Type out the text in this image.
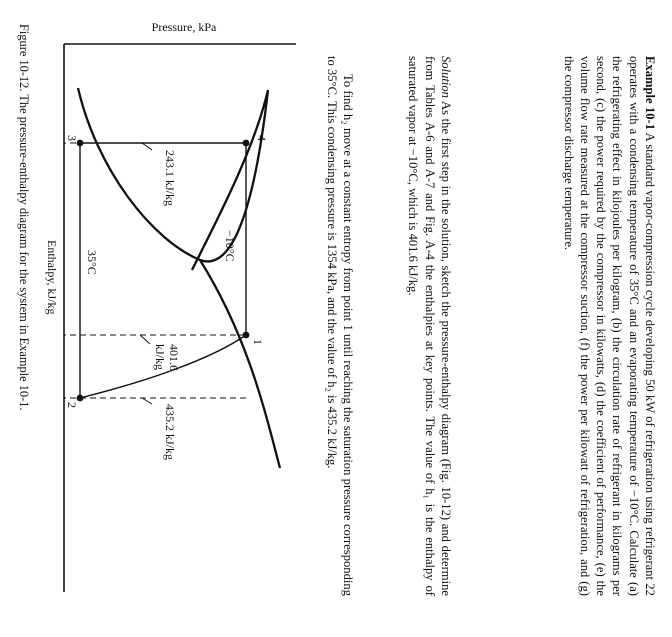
Example 10-1 A standard vapor-compression cycle developing 50 kW of refrigeration using refrigerant 22 operates with a condensing temperature of 35°C and an evaporating temperature of −10°C. Calculate (a) the refrigerating effect in kilojoules per kilogram, (b) the circulation rate of refrigerant in kilograms per second, (c) the power required by the compressor in kilowatts, (d) the coefficient of performance, (e) the volume flow rate measured at the compressor suction, (f) the power per kilowatt of refrigeration, and (g) the compressor discharge temperature.
Solution As the first step in the solution, sketch the pressure-enthalpy diagram (Fig. 10-12) and determine from Tables A-6 and A-7 and Fig. A-4 the enthalpies at key points. The value of h₁ is the enthalpy of saturated vapor at −10°C, which is 401.6 kJ/kg.
To find h₂ move at a constant entropy from point 1 until reaching the saturation pressure corresponding to 35°C. This condensing pressure is 1354 kPa, and the value of h₂ is 435.2 kJ/kg.
3	4
1
2
35°C
−10°C
243.1 kJ/kg
401.6
kJ/kg
435.2 kJ/kg
Enthalpy, kJ/kg
Pressure, kPa
Figure 10-12. The pressure-enthalpy diagram for the system in Example 10-1.
